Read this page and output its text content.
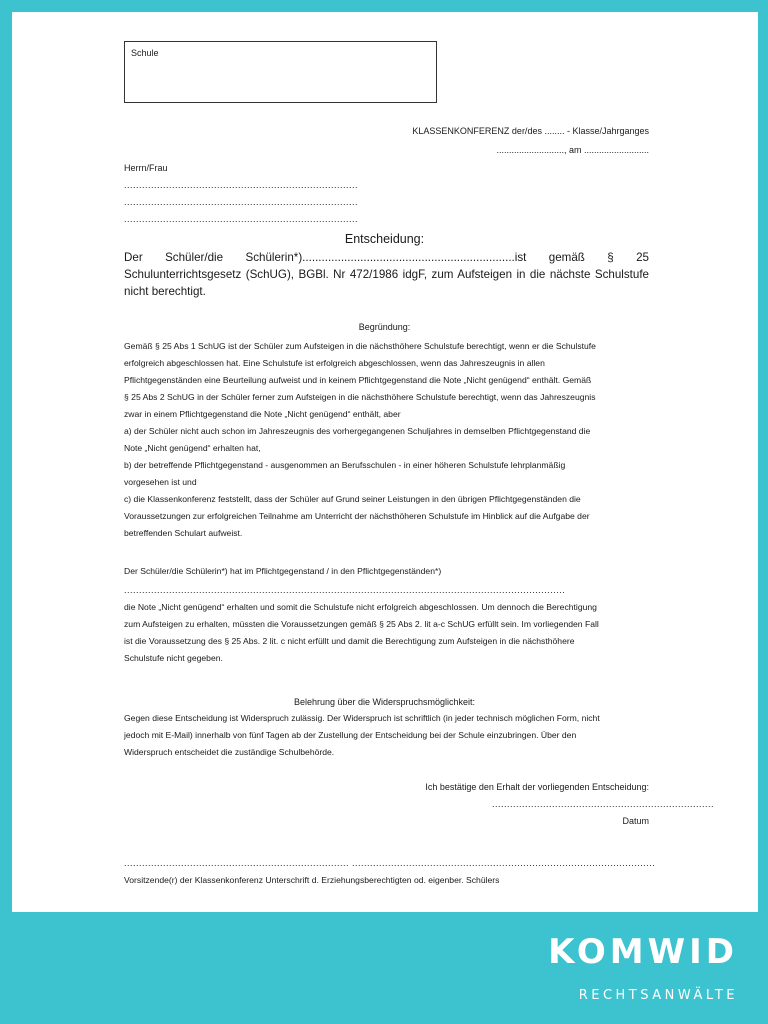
Schule
KLASSENKONFERENZ der/des ........ - Klasse/Jahrganges
..........................., am ..........................
Herrn/Frau
..............................................................................
..............................................................................
..............................................................................
Entscheidung:
Der Schüler/die Schülerin*)..................................................................ist gemäß § 25 Schulunterrichtsgesetz (SchUG), BGBl. Nr 472/1986 idgF, zum Aufsteigen in die nächste Schulstufe nicht berechtigt.
Begründung:
Gemäß § 25 Abs 1 SchUG ist der Schüler zum Aufsteigen in die nächsthöhere Schulstufe berechtigt, wenn er die Schulstufe
erfolgreich abgeschlossen hat. Eine Schulstufe ist erfolgreich abgeschlossen, wenn das Jahreszeugnis in allen
Pflichtgegenständen eine Beurteilung aufweist und in keinem Pflichtgegenstand die Note „Nicht genügend“ enthält. Gemäß
§ 25 Abs 2 SchUG in der Schüler ferner zum Aufsteigen in die nächsthöhere Schulstufe berechtigt, wenn das Jahreszeugnis
zwar in einem Pflichtgegenstand die Note „Nicht genügend“ enthält, aber
a) der Schüler nicht auch schon im Jahreszeugnis des vorhergegangenen Schuljahres in demselben Pflichtgegenstand die
Note „Nicht genügend“ erhalten hat,
b) der betreffende Pflichtgegenstand - ausgenommen an Berufsschulen - in einer höheren Schulstufe lehrplanmäßig
vorgesehen ist und
c) die Klassenkonferenz feststellt, dass der Schüler auf Grund seiner Leistungen in den übrigen Pflichtgegenständen die
Voraussetzungen zur erfolgreichen Teilnahme am Unterricht der nächsthöheren Schulstufe im Hinblick auf die Aufgabe der
betreffenden Schulart aufweist.
Der Schüler/die Schülerin*) hat im Pflichtgegenstand / in den Pflichtgegenständen*)
...................................................................................................................................................
die Note „Nicht genügend“ erhalten und somit die Schulstufe nicht erfolgreich abgeschlossen. Um dennoch die Berechtigung
zum Aufsteigen zu erhalten, müssten die Voraussetzungen gemäß § 25 Abs 2. lit a-c SchUG erfüllt sein. Im vorliegenden Fall
ist die Voraussetzung des § 25 Abs. 2 lit. c nicht erfüllt und damit die Berechtigung zum Aufsteigen in die nächsthöhere
Schulstufe nicht gegeben.
Belehrung über die Widerspruchsmöglichkeit:
Gegen diese Entscheidung ist Widerspruch zulässig. Der Widerspruch ist schriftlich (in jeder technisch möglichen Form, nicht
jedoch mit E-Mail) innerhalb von fünf Tagen ab der Zustellung der Entscheidung bei der Schule einzubringen. Über den
Widerspruch entscheidet die zuständige Schulbehörde.
Ich bestätige den Erhalt der vorliegenden Entscheidung:
..........................................................................
Datum
........................................................................... .....................................................................................................
Vorsitzende(r) der Klassenkonferenz Unterschrift d. Erziehungsberechtigten od. eigenber. Schülers
KOMWID
RECHTSANWÄLTE
